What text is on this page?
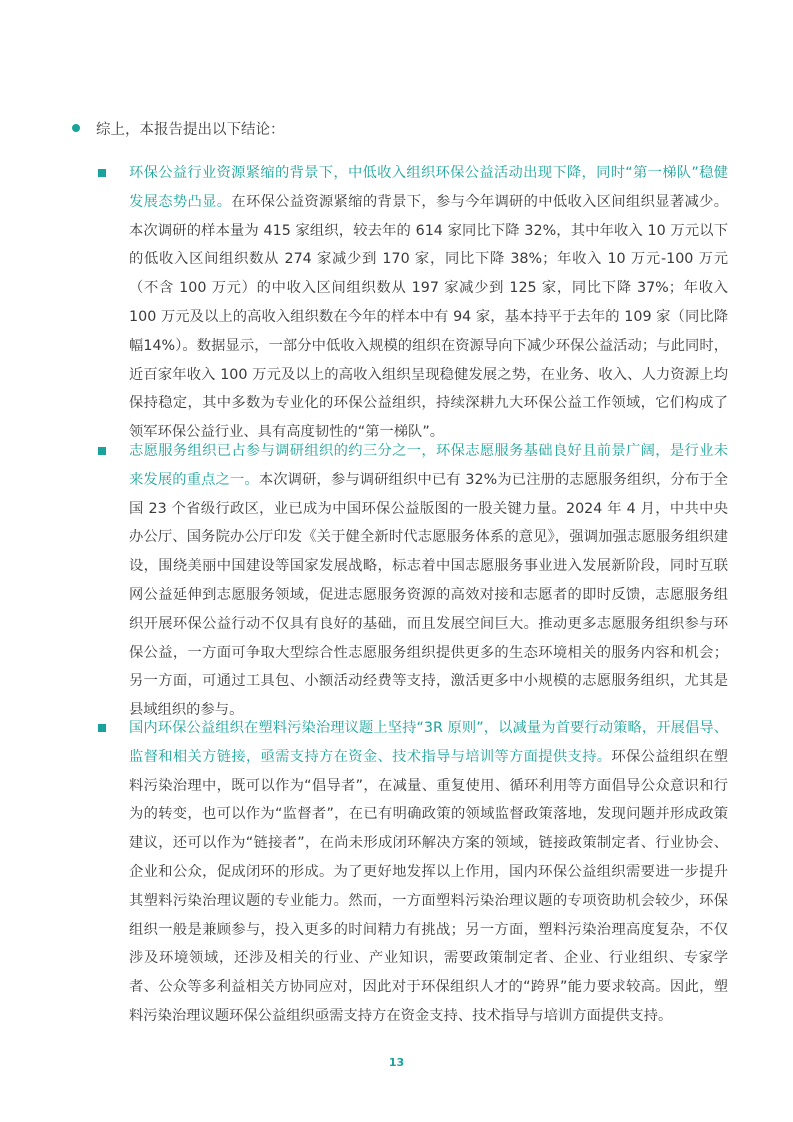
综上，本报告提出以下结论：

环保公益行业资源紧缩的背景下，中低收入组织环保公益活动出现下降，同时“第一梯队”稳健发展态势凸显。在环保公益资源紧缩的背景下，参与今年调研的中低收入区间组织显著减少。本次调研的样本量为 415 家组织，较去年的 614 家同比下降 32%，其中年收入 10 万元以下的低收入区间组织数从 274 家减少到 170 家，同比下降 38%；年收入 10 万元-100 万元（不含 100 万元）的中收入区间组织数从 197 家减少到 125 家，同比下降 37%；年收入 100 万元及以上的高收入组织数在今年的样本中有 94 家，基本持平于去年的 109 家（同比降幅14%）。数据显示，一部分中低收入规模的组织在资源导向下减少环保公益活动；与此同时，近百家年收入 100 万元及以上的高收入组织呈现稳健发展之势，在业务、收入、人力资源上均保持稳定，其中多数为专业化的环保公益组织，持续深耕九大环保公益工作领域，它们构成了领军环保公益行业、具有高度韧性的“第一梯队”。

志愿服务组织已占参与调研组织的约三分之一，环保志愿服务基础良好且前景广阔，是行业未来发展的重点之一。本次调研，参与调研组织中已有 32%为已注册的志愿服务组织，分布于全国 23 个省级行政区，业已成为中国环保公益版图的一股关键力量。2024 年 4 月，中共中央办公厅、国务院办公厅印发《关于健全新时代志愿服务体系的意见》，强调加强志愿服务组织建设，围绕美丽中国建设等国家发展战略，标志着中国志愿服务事业进入发展新阶段，同时互联网公益延伸到志愿服务领域，促进志愿服务资源的高效对接和志愿者的即时反馈，志愿服务组织开展环保公益行动不仅具有良好的基础，而且发展空间巨大。推动更多志愿服务组织参与环保公益，一方面可争取大型综合性志愿服务组织提供更多的生态环境相关的服务内容和机会；另一方面，可通过工具包、小额活动经费等支持，激活更多中小规模的志愿服务组织，尤其是县域组织的参与。

国内环保公益组织在塑料污染治理议题上坚持“3R 原则”，以减量为首要行动策略，开展倡导、监督和相关方链接，亟需支持方在资金、技术指导与培训等方面提供支持。环保公益组织在塑料污染治理中，既可以作为“倡导者”，在减量、重复使用、循环利用等方面倡导公众意识和行为的转变，也可以作为“监督者”，在已有明确政策的领域监督政策落地，发现问题并形成政策建议，还可以作为“链接者”，在尚未形成闭环解决方案的领域，链接政策制定者、行业协会、企业和公众，促成闭环的形成。为了更好地发挥以上作用，国内环保公益组织需要进一步提升其塑料污染治理议题的专业能力。然而，一方面塑料污染治理议题的专项资助机会较少，环保组织一般是兼顾参与，投入更多的时间精力有挑战；另一方面，塑料污染治理高度复杂，不仅涉及环境领域，还涉及相关的行业、产业知识，需要政策制定者、企业、行业组织、专家学者、公众等多利益相关方协同应对，因此对于环保组织人才的“跨界”能力要求较高。因此，塑料污染治理议题环保公益组织亟需支持方在资金支持、技术指导与培训方面提供支持。

13
